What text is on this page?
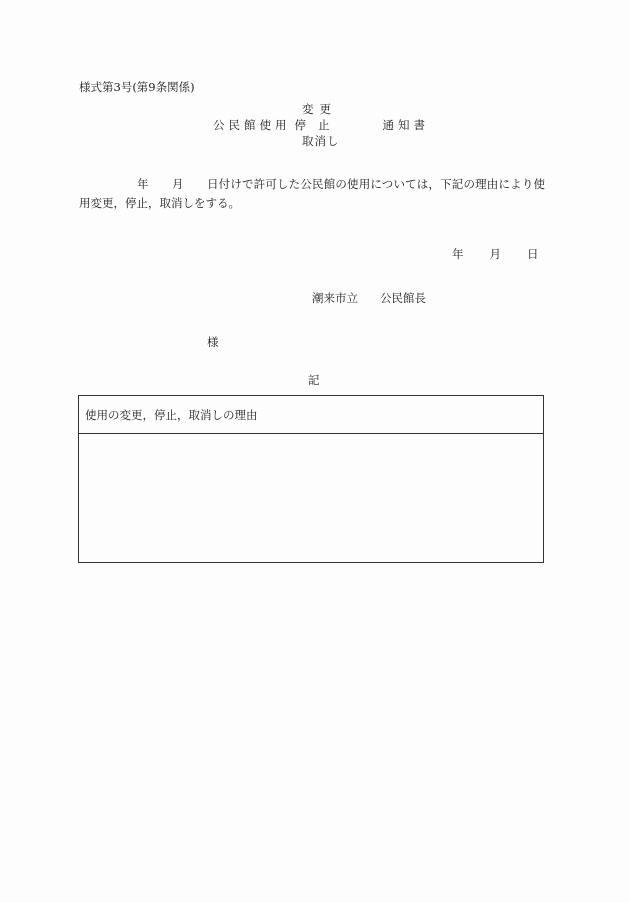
様式第3号(第9条関係)
変更
公民館使用 停止	通知書
取消し
年　　月　　日付けで許可した公民館の使用については，下記の理由により使用変更，停止，取消しをする。
年 月 日
潮来市立 公民館長
様
記
使用の変更，停止，取消しの理由
